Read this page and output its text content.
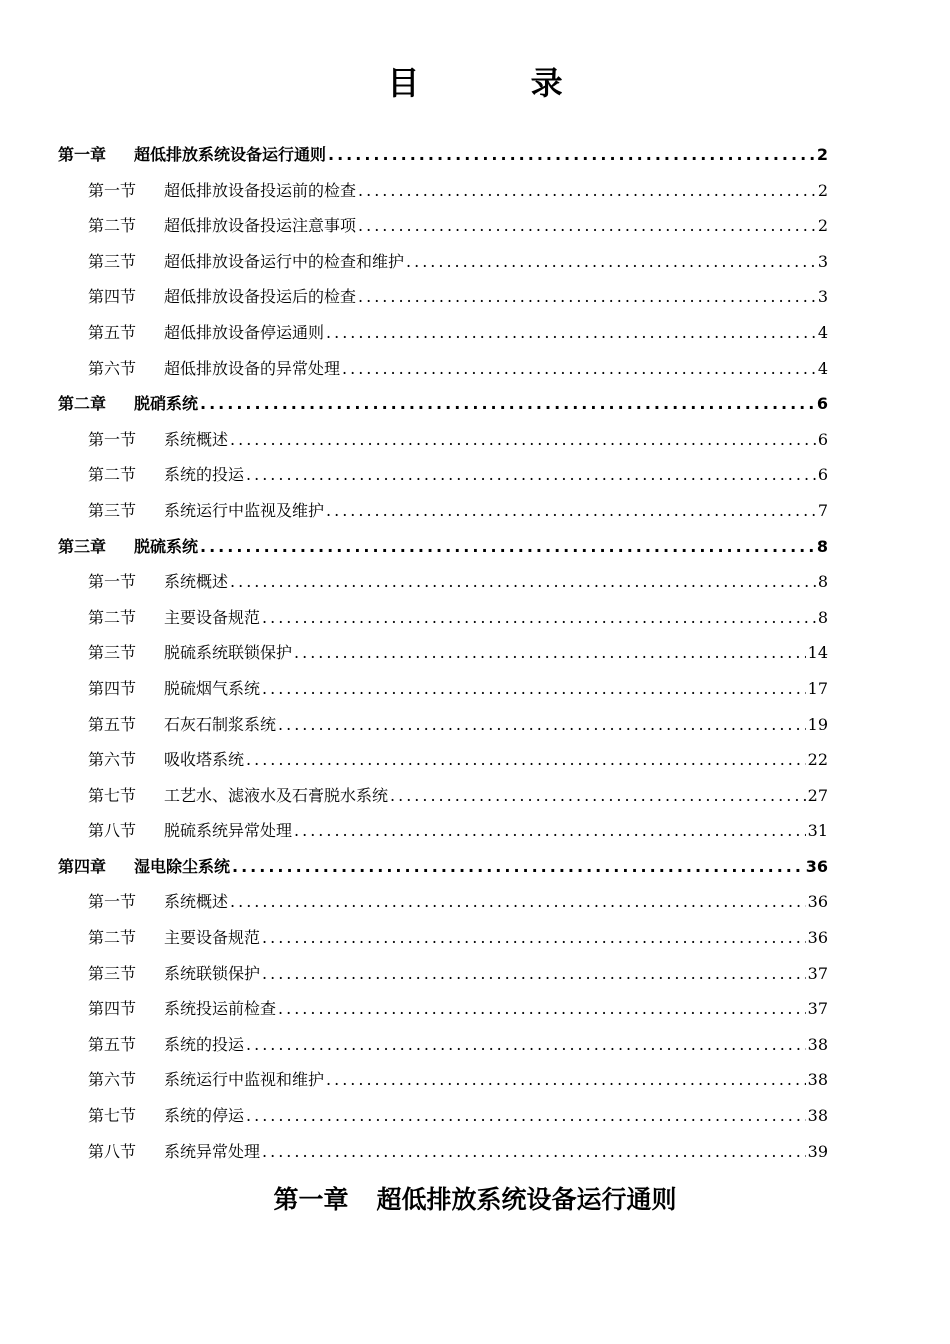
目 录
第一章	超低排放系统设备运行通则 .....	2
第一节	超低排放设备投运前的检查 .....	2
第二节	超低排放设备投运注意事项 .....	2
第三节	超低排放设备运行中的检查和维护 .....	3
第四节	超低排放设备投运后的检查 .....	3
第五节	超低排放设备停运通则 .....	4
第六节	超低排放设备的异常处理 .....	4
第二章	脱硝系统 .....	6
第一节	系统概述 .....	6
第二节	系统的投运 .....	6
第三节	系统运行中监视及维护 .....	7
第三章	脱硫系统 .....	8
第一节	系统概述 .....	8
第二节	主要设备规范 .....	8
第三节	脱硫系统联锁保护 .....	14
第四节	脱硫烟气系统 .....	17
第五节	石灰石制浆系统 .....	19
第六节	吸收塔系统 .....	22
第七节	工艺水、滤液水及石膏脱水系统 .....	27
第八节	脱硫系统异常处理 .....	31
第四章	湿电除尘系统 .....	36
第一节	系统概述 .....	36
第二节	主要设备规范 .....	36
第三节	系统联锁保护 .....	37
第四节	系统投运前检查 .....	37
第五节	系统的投运 .....	38
第六节	系统运行中监视和维护 .....	38
第七节	系统的停运 .....	38
第八节	系统异常处理 .....	39
第一章 超低排放系统设备运行通则
